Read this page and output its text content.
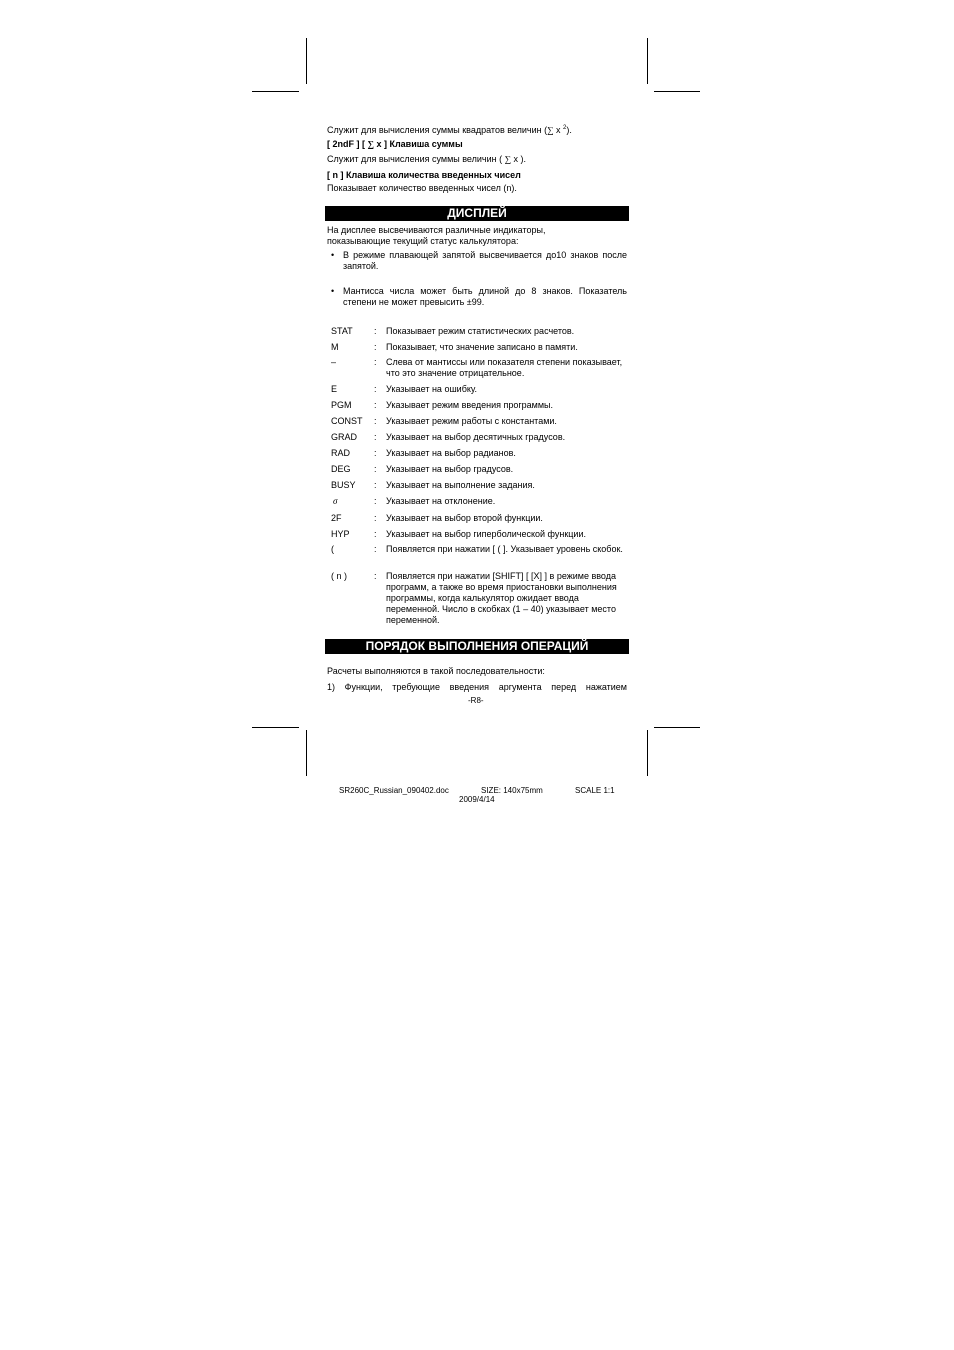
Служит для вычисления суммы квадратов величин (∑ x $^2$).
[ 2ndF ] [ ∑ x ] Клавиша суммы
Служит для вычисления суммы величин ( ∑ x ).
[ n ] Клавиша количества введенных чисел
Показывает количество введенных чисел (n).
ДИСПЛЕЙ
На дисплее высвечиваются различные индикаторы,
показывающие текущий статус калькулятора:
• В режиме плавающей запятой высвечивается до10 знаков после запятой.
• Мантисса числа может быть длиной до 8 знаков. Показатель степени не может превысить ±99.
STAT : Показывает режим статистических расчетов.
M	: Показывает, что значение записано в памяти.
–	: Слева от мантиссы или показателя степени показывает, что это значение отрицательное.
E	: Указывает на ошибку.
PGM : Указывает режим введения программы.
CONST : Указывает режим работы с константами.
GRAD : Указывает на выбор десятичных градусов.
RAD	: Указывает на выбор радианов.
DEG	: Указывает на выбор градусов.
BUSY : Указывает на выполнение задания.
σ	: Указывает на отклонение.
2F	: Указывает на выбор второй функции.
HYP	: Указывает на выбор гиперболической функции.
(	: Появляется при нажатии [ ( ]. Указывает уровень скобок.
( n )	: Появляется при нажатии [SHIFT] [ [X] ] в режиме ввода программ, а также во время приостановки выполнения программы, когда калькулятор ожидает ввода переменной. Число в скобках (1 – 40) указывает место переменной.
ПОРЯДОК ВЫПОЛНЕНИЯ ОПЕРАЦИЙ
Расчеты выполняются в такой последовательности:
1) Функции, требующие введения аргумента перед нажатием
-R8-
SR260C_Russian_090402.doc	SIZE: 140x75mm	SCALE 1:1
2009/4/14
